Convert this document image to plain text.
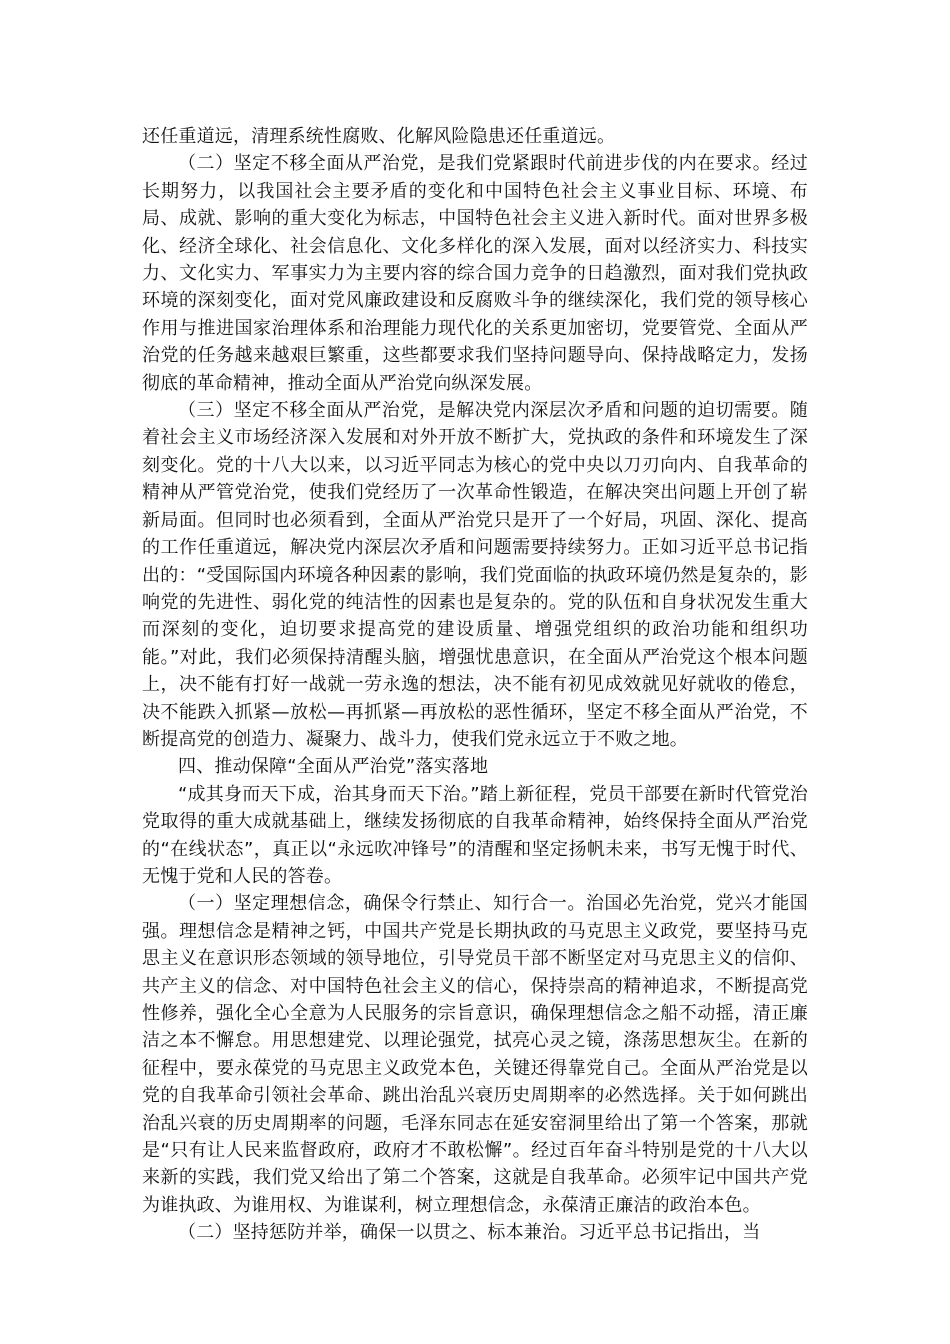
还任重道远，清理系统性腐败、化解风险隐患还任重道远。

（二）坚定不移全面从严治党，是我们党紧跟时代前进步伐的内在要求。经过长期努力，以我国社会主要矛盾的变化和中国特色社会主义事业目标、环境、布局、成就、影响的重大变化为标志，中国特色社会主义进入新时代。面对世界多极化、经济全球化、社会信息化、文化多样化的深入发展，面对以经济实力、科技实力、文化实力、军事实力为主要内容的综合国力竞争的日趋激烈，面对我们党执政环境的深刻变化，面对党风廉政建设和反腐败斗争的继续深化，我们党的领导核心作用与推进国家治理体系和治理能力现代化的关系更加密切，党要管党、全面从严治党的任务越来越艰巨繁重，这些都要求我们坚持问题导向、保持战略定力，发扬彻底的革命精神，推动全面从严治党向纵深发展。

（三）坚定不移全面从严治党，是解决党内深层次矛盾和问题的迫切需要。随着社会主义市场经济深入发展和对外开放不断扩大，党执政的条件和环境发生了深刻变化。党的十八大以来，以习近平同志为核心的党中央以刀刃向内、自我革命的精神从严管党治党，使我们党经历了一次革命性锻造，在解决突出问题上开创了崭新局面。但同时也必须看到，全面从严治党只是开了一个好局，巩固、深化、提高的工作任重道远，解决党内深层次矛盾和问题需要持续努力。正如习近平总书记指出的：“受国际国内环境各种因素的影响，我们党面临的执政环境仍然是复杂的，影响党的先进性、弱化党的纯洁性的因素也是复杂的。党的队伍和自身状况发生重大而深刻的变化，迫切要求提高党的建设质量、增强党组织的政治功能和组织功能。”对此，我们必须保持清醒头脑，增强忧患意识，在全面从严治党这个根本问题上，决不能有打好一战就一劳永逸的想法，决不能有初见成效就见好就收的倦怠，决不能跌入抓紧—放松—再抓紧—再放松的恶性循环，坚定不移全面从严治党，不断提高党的创造力、凝聚力、战斗力，使我们党永远立于不败之地。

四、推动保障“全面从严治党”落实落地

“成其身而天下成，治其身而天下治。”踏上新征程，党员干部要在新时代管党治党取得的重大成就基础上，继续发扬彻底的自我革命精神，始终保持全面从严治党的“在线状态”，真正以“永远吹冲锋号”的清醒和坚定扬帆未来，书写无愧于时代、无愧于党和人民的答卷。

（一）坚定理想信念，确保令行禁止、知行合一。治国必先治党，党兴才能国强。理想信念是精神之钙，中国共产党是长期执政的马克思主义政党，要坚持马克思主义在意识形态领域的领导地位，引导党员干部不断坚定对马克思主义的信仰、共产主义的信念、对中国特色社会主义的信心，保持崇高的精神追求，不断提高党性修养，强化全心全意为人民服务的宗旨意识，确保理想信念之船不动摇，清正廉洁之本不懈怠。用思想建党、以理论强党，拭亮心灵之镜，涤荡思想灰尘。在新的征程中，要永葆党的马克思主义政党本色，关键还得靠党自己。全面从严治党是以党的自我革命引领社会革命、跳出治乱兴衰历史周期率的必然选择。关于如何跳出治乱兴衰的历史周期率的问题，毛泽东同志在延安窑洞里给出了第一个答案，那就是“只有让人民来监督政府，政府才不敢松懈”。经过百年奋斗特别是党的十八大以来新的实践，我们党又给出了第二个答案，这就是自我革命。必须牢记中国共产党为谁执政、为谁用权、为谁谋利，树立理想信念，永葆清正廉洁的政治本色。

（二）坚持惩防并举，确保一以贯之、标本兼治。习近平总书记指出，当
